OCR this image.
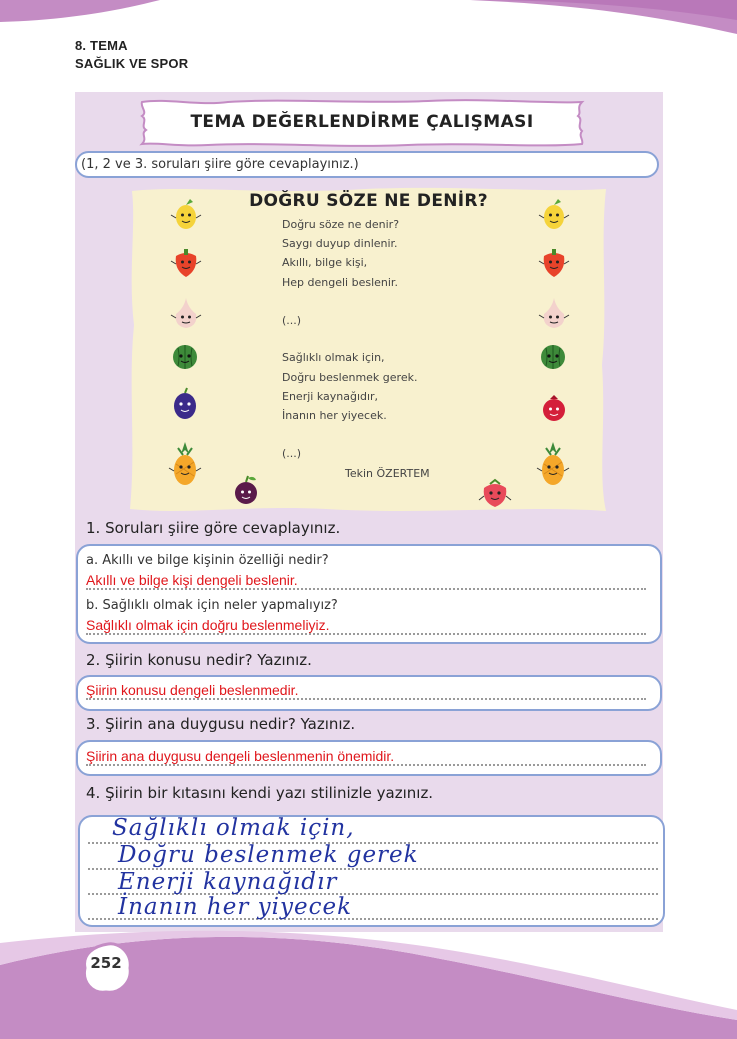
8. TEMA
SAĞLIK VE SPOR
TEMA DEĞERLENDİRME ÇALIŞMASI
(1, 2 ve 3. soruları şiire göre cevaplayınız.)
DOĞRU SÖZE NE DENİR?
Doğru söze ne denir?
Saygı duyup dinlenir.
Akıllı, bilge kişi,
Hep dengeli beslenir.
(...)
Sağlıklı olmak için,
Doğru beslenmek gerek.
Enerji kaynağıdır,
İnanın her yiyecek.
(...)
Tekin ÖZERTEM
1. Soruları şiire göre cevaplayınız.
a. Akıllı ve bilge kişinin özelliği nedir?
Akıllı ve bilge kişi dengeli beslenir.
b. Sağlıklı olmak için neler yapmalıyız?
Sağlıklı olmak için doğru beslenmeliyiz.
2. Şiirin konusu nedir? Yazınız.
Şiirin konusu dengeli beslenmedir.
3. Şiirin ana duygusu nedir? Yazınız.
Şiirin ana duygusu dengeli beslenmenin önemidir.
4. Şiirin bir kıtasını kendi yazı stilinizle yazınız.
Sağlıklı olmak için,
Doğru beslenmek gerek
Enerji kaynağıdır
İnanın her yiyecek
252
